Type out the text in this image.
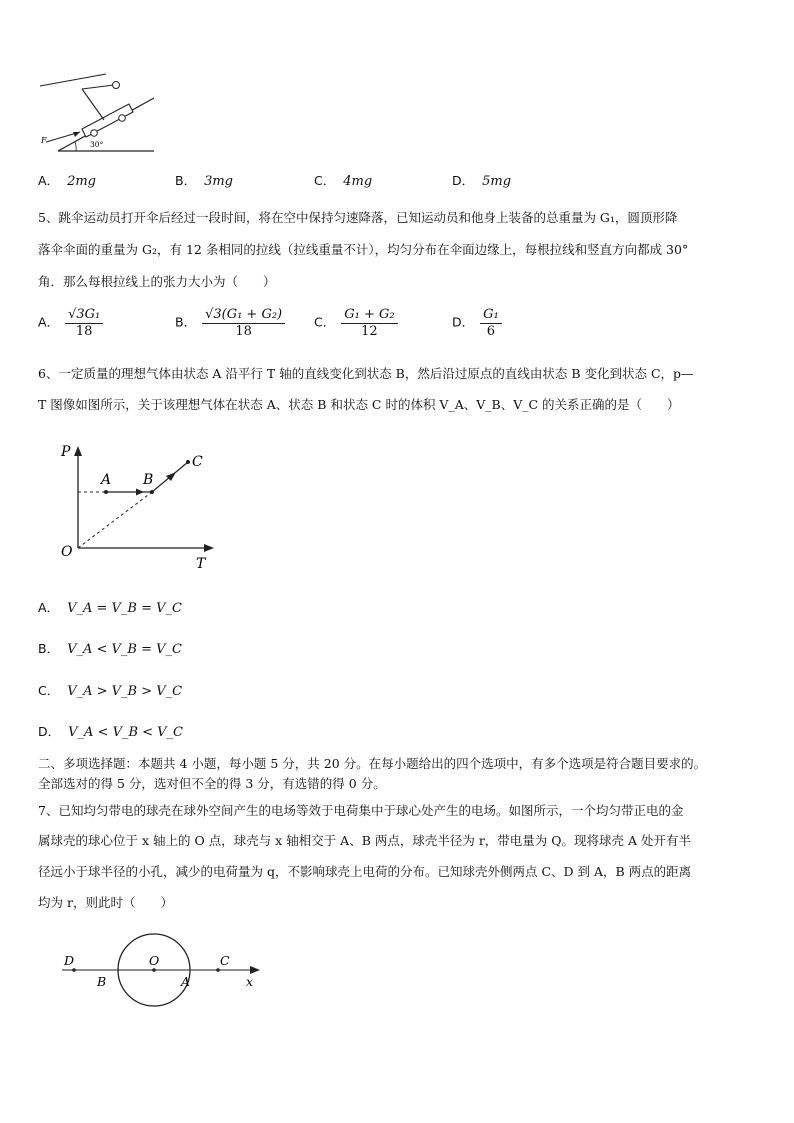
F	30°
A． 2mg	B． 3mg	C． 4mg	D． 5mg
5、跳伞运动员打开伞后经过一段时间，将在空中保持匀速降落，已知运动员和他身上装备的总重量为 G₁，圆顶形降
落伞伞面的重量为 G₂，有 12 条相同的拉线（拉线重量不计），均匀分布在伞面边缘上，每根拉线和竖直方向都成 30°
角．那么每根拉线上的张力大小为（　　）
A． $\frac{\text{√3G₁}}{18}$	B． $\frac{\text{√3(G₁ + G₂)}}{18}$ C． $\frac{\text{G₁ + G₂}}{12}$	D． $\frac{\text{G₁}}{6}$
6、一定质量的理想气体由状态 A 沿平行 T 轴的直线变化到状态 B，然后沿过原点的直线由状态 B 变化到状态 C，p—
T 图像如图所示，关于该理想气体在状态 A、状态 B 和状态 C 时的体积 V_A、V_B、V_C 的关系正确的是（　　）
P
T
O
A B
C
A． V_A = V_B = V_C
B． V_A < V_B = V_C
C． V_A > V_B > V_C
D． V_A < V_B < V_C
二、多项选择题：本题共 4 小题，每小题 5 分，共 20 分。在每小题给出的四个选项中，有多个选项是符合题目要求的。
全部选对的得 5 分，选对但不全的得 3 分，有选错的得 0 分。
7、已知均匀带电的球壳在球外空间产生的电场等效于电荷集中于球心处产生的电场。如图所示，一个均匀带正电的金
属球壳的球心位于 x 轴上的 O 点，球壳与 x 轴相交于 A、B 两点，球壳半径为 r，带电量为 Q。现将球壳 A 处开有半
径远小于球半径的小孔，减少的电荷量为 q，不影响球壳上电荷的分布。已知球壳外侧两点 C、D 到 A，B 两点的距离
均为 r，则此时（　　）
D	O	C
B	A	x
